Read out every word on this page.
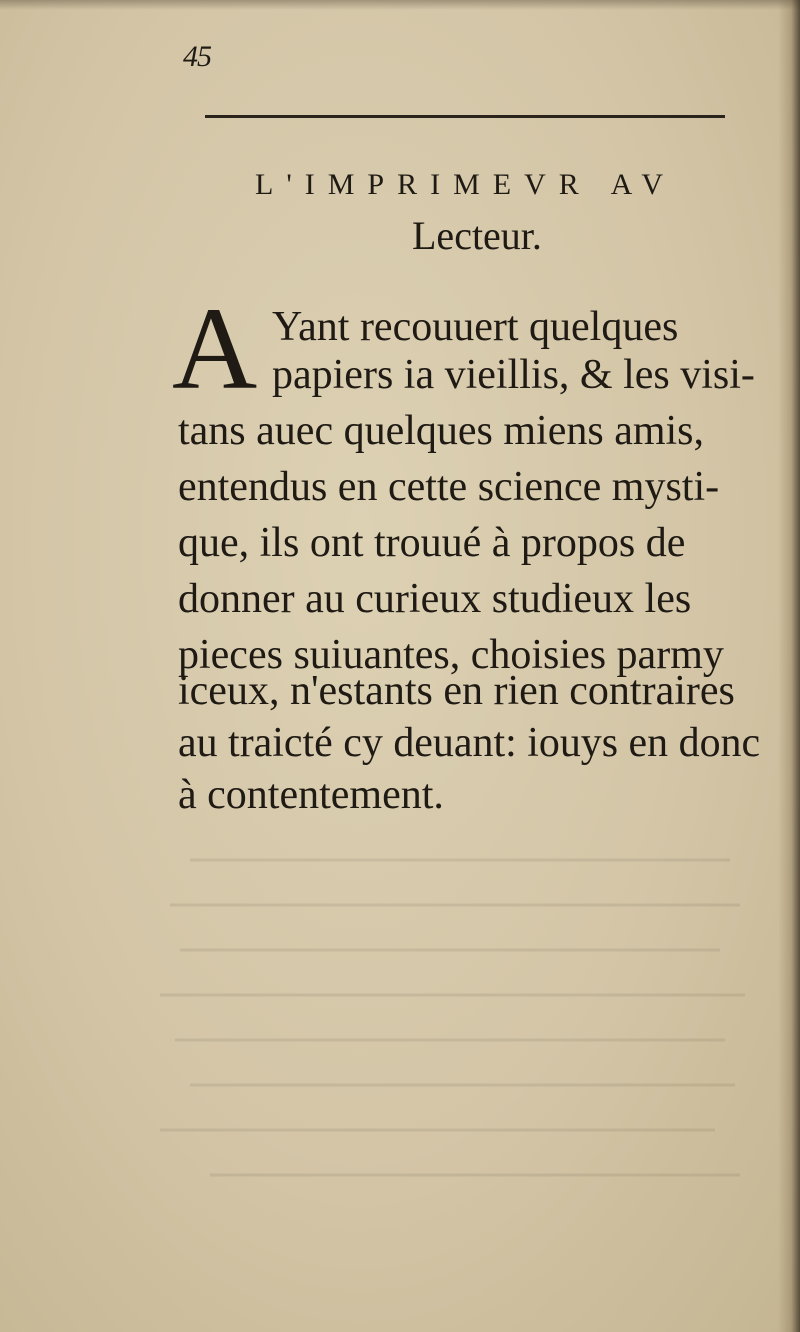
45
L'IMPRIMEVR AV
Lecteur.
A Yant recouuert quelques
papiers ia vieillis, & les visi-
tans auec quelques miens amis,
entendus en cette science mysti-
que, ils ont trouué à propos de
donner au curieux studieux les
pieces suiuantes, choisies parmy
iceux, n'estants en rien contraires
au traicté cy deuant: iouys en donc
à contentement.
